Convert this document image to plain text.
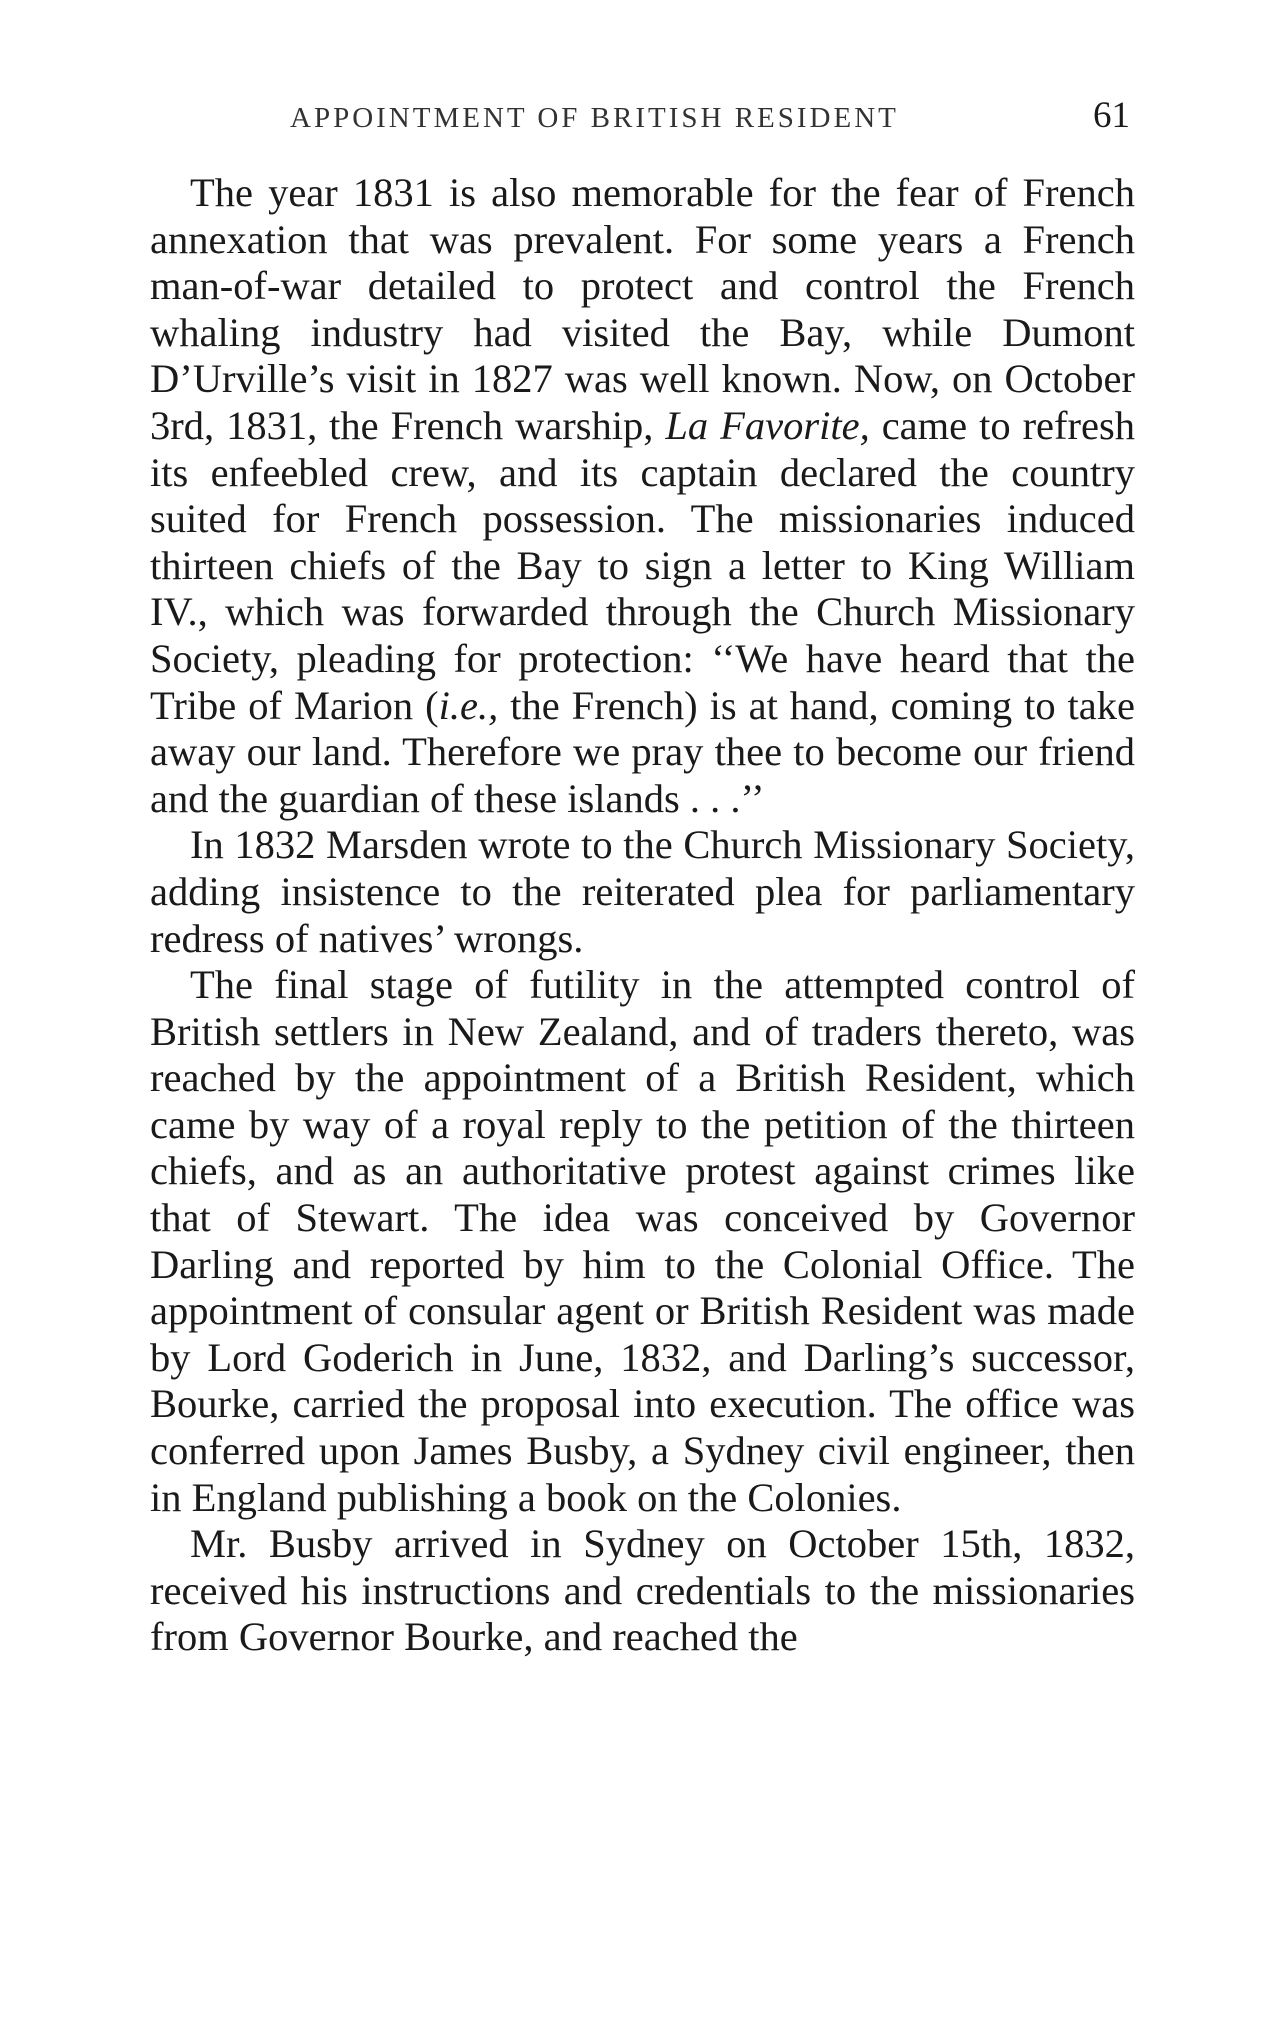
APPOINTMENT OF BRITISH RESIDENT	61

The year 1831 is also memorable for the fear of French annexation that was prevalent. For some years a French man-of-war detailed to protect and control the French whaling industry had visited the Bay, while Dumont D’Urville’s visit in 1827 was well known. Now, on October 3rd, 1831, the French warship, La Favorite, came to refresh its enfeebled crew, and its captain declared the country suited for French possession. The missionaries induced thirteen chiefs of the Bay to sign a letter to King William IV., which was forwarded through the Church Missionary Society, pleading for protection: ‘‘We have heard that the Tribe of Marion (i.e., the French) is at hand, coming to take away our land. Therefore we pray thee to become our friend and the guardian of these islands . . .’’

In 1832 Marsden wrote to the Church Missionary Society, adding insistence to the reiterated plea for parliamentary redress of natives’ wrongs.

The final stage of futility in the attempted control of British settlers in New Zealand, and of traders thereto, was reached by the appointment of a British Resident, which came by way of a royal reply to the petition of the thirteen chiefs, and as an authoritative protest against crimes like that of Stewart. The idea was conceived by Governor Darling and reported by him to the Colonial Office. The appointment of consular agent or British Resident was made by Lord Goderich in June, 1832, and Darling’s successor, Bourke, carried the proposal into execution. The office was conferred upon James Busby, a Sydney civil engineer, then in England publishing a book on the Colonies.

Mr. Busby arrived in Sydney on October 15th, 1832, received his instructions and credentials to the missionaries from Governor Bourke, and reached the
